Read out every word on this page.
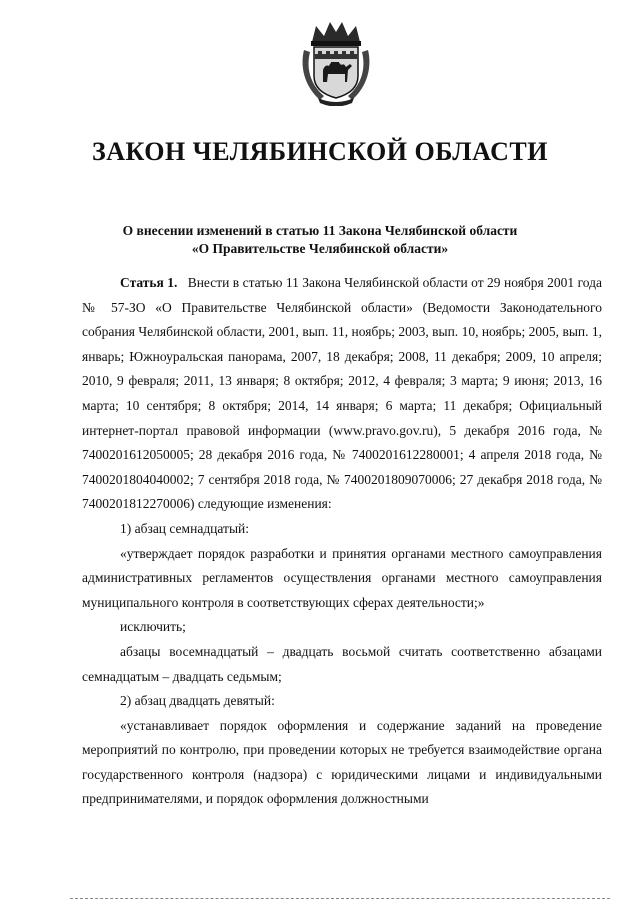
ЗАКОН ЧЕЛЯБИНСКОЙ ОБЛАСТИ
О внесении изменений в статью 11 Закона Челябинской области
«О Правительстве Челябинской области»

Статья 1. Внести в статью 11 Закона Челябинской области от 29 ноября 2001 года № 57-ЗО «О Правительстве Челябинской области» (Ведомости Законодательного собрания Челябинской области, 2001, вып. 11, ноябрь; 2003, вып. 10, ноябрь; 2005, вып. 1, январь; Южноуральская панорама, 2007, 18 декабря; 2008, 11 декабря; 2009, 10 апреля; 2010, 9 февраля; 2011, 13 января; 8 октября; 2012, 4 февраля; 3 марта; 9 июня; 2013, 16 марта; 10 сентября; 8 октября; 2014, 14 января; 6 марта; 11 декабря; Официальный интернет-портал правовой информации (www.pravo.gov.ru), 5 декабря 2016 года, № 7400201612050005; 28 декабря 2016 года, № 7400201612280001; 4 апреля 2018 года, № 7400201804040002; 7 сентября 2018 года, № 7400201809070006; 27 декабря 2018 года, № 7400201812270006) следующие изменения:

1) абзац семнадцатый:

«утверждает порядок разработки и принятия органами местного самоуправления административных регламентов осуществления органами местного самоуправления муниципального контроля в соответствующих сферах деятельности;»

исключить;

абзацы восемнадцатый – двадцать восьмой считать соответственно абзацами семнадцатым – двадцать седьмым;

2) абзац двадцать девятый:

«устанавливает порядок оформления и содержание заданий на проведение мероприятий по контролю, при проведении которых не требуется взаимодействие органа государственного контроля (надзора) с юридическими лицами и индивидуальными предпринимателями, и порядок оформления должностными
